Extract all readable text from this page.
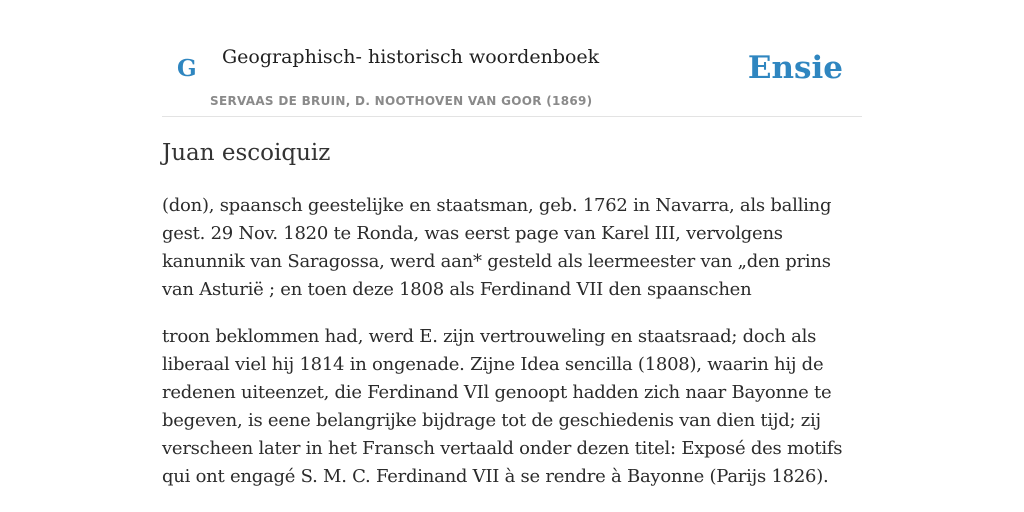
G Geographisch- historisch woordenboek
SERVAAS DE BRUIN, D. NOOTHOVEN VAN GOOR (1869)
Ensie
Juan escoiquiz

(don), spaansch geestelijke en staatsman, geb. 1762 in Navarra, als balling gest. 29 Nov. 1820 te Ronda, was eerst page van Karel III, vervolgens kanunnik van Saragossa, werd aan* gesteld als leermeester van „den prins van Asturië ; en toen deze 1808 als Ferdinand VII den spaanschen

troon beklommen had, werd E. zijn vertrouweling en staatsraad; doch als liberaal viel hij 1814 in ongenade. Zijne Idea sencilla (1808), waarin hij de redenen uiteenzet, die Ferdinand VIl genoopt hadden zich naar Bayonne te begeven, is eene belangrijke bijdrage tot de geschiedenis van dien tijd; zij verscheen later in het Fransch vertaald onder dezen titel: Exposé des motifs qui ont engagé S. M. C. Ferdinand VII à se rendre à Bayonne (Parijs 1826).
